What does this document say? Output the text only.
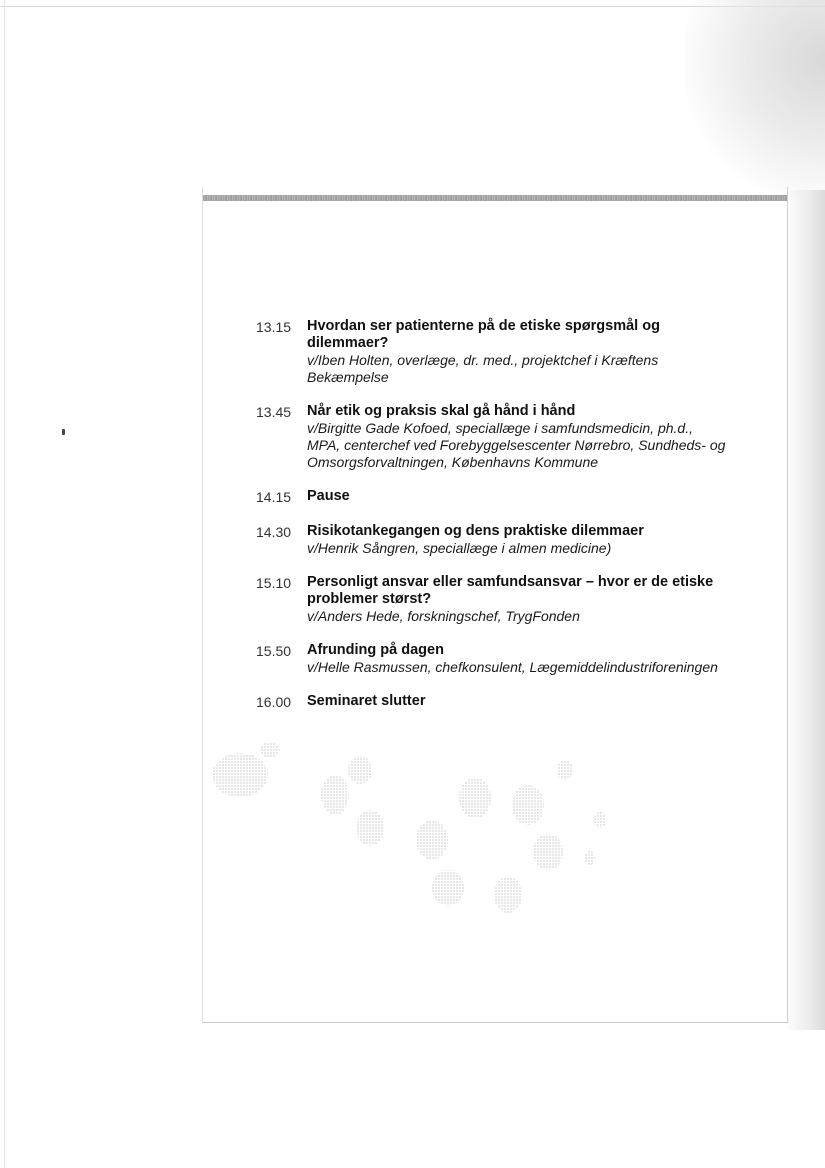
13.15	Hvordan ser patienterne på de etiske spørgsmål og dilemmaer?

v/Iben Holten, overlæge, dr. med., projektchef i Kræftens Bekæmpelse

13.45	Når etik og praksis skal gå hånd i hånd

v/Birgitte Gade Kofoed, speciallæge i samfundsmedicin, ph.d., MPA, centerchef ved Forebyggelsescenter Nørrebro, Sundheds- og Omsorgsforvaltningen, Københavns Kommune

14.15	Pause

14.30	Risikotankegangen og dens praktiske dilemmaer

v/Henrik Sångren, speciallæge i almen medicine)

15.10	Personligt ansvar eller samfundsansvar – hvor er de etiske problemer størst?

v/Anders Hede, forskningschef, TrygFonden

15.50	Afrunding på dagen

v/Helle Rasmussen, chefkonsulent, Lægemiddelindustriforeningen

16.00	Seminaret slutter
